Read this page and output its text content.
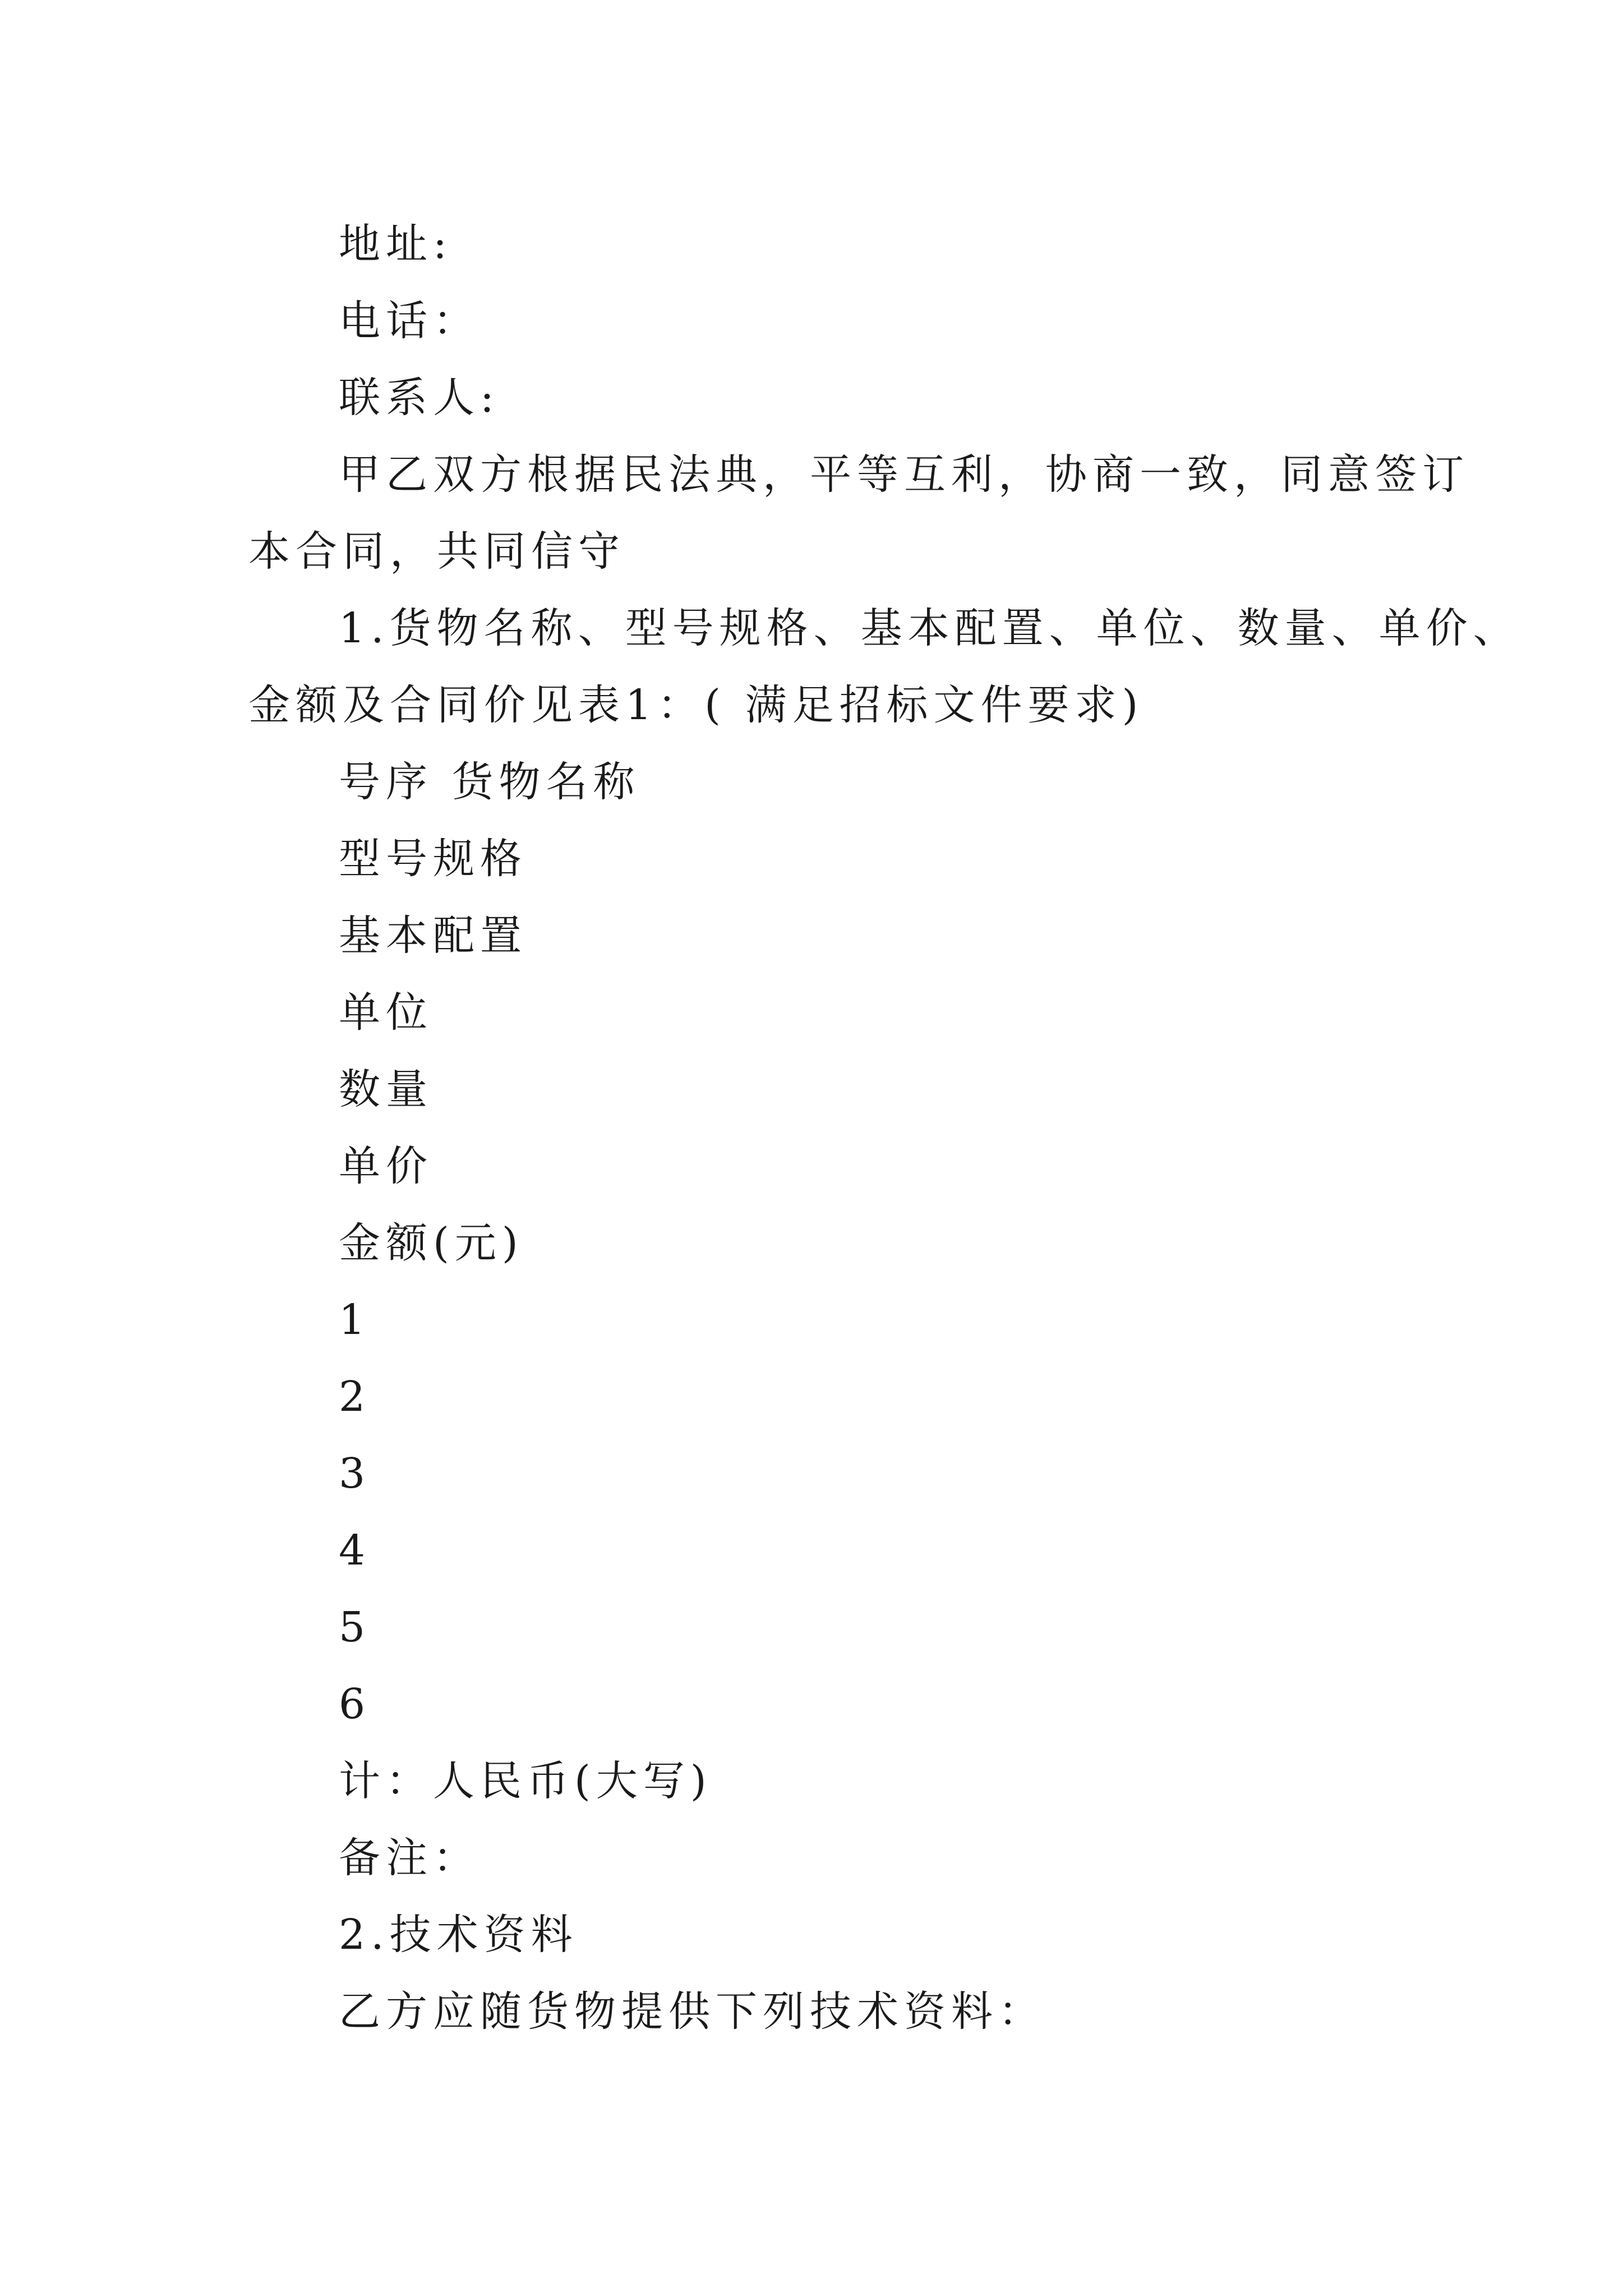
地址:
电话：
联系人:
甲乙双方根据民法典，平等互利，协商一致，同意签订
本合同，共同信守
1.货物名称、型号规格、基本配置、单位、数量、单价、
金额及合同价见表1：( 满足招标文件要求)
号序 货物名称
型号规格
基本配置
单位
数量
单价
金额(元)
1
2
3
4
5
6
计：人民币(大写)
备注：
2.技术资料
乙方应随货物提供下列技术资料：
